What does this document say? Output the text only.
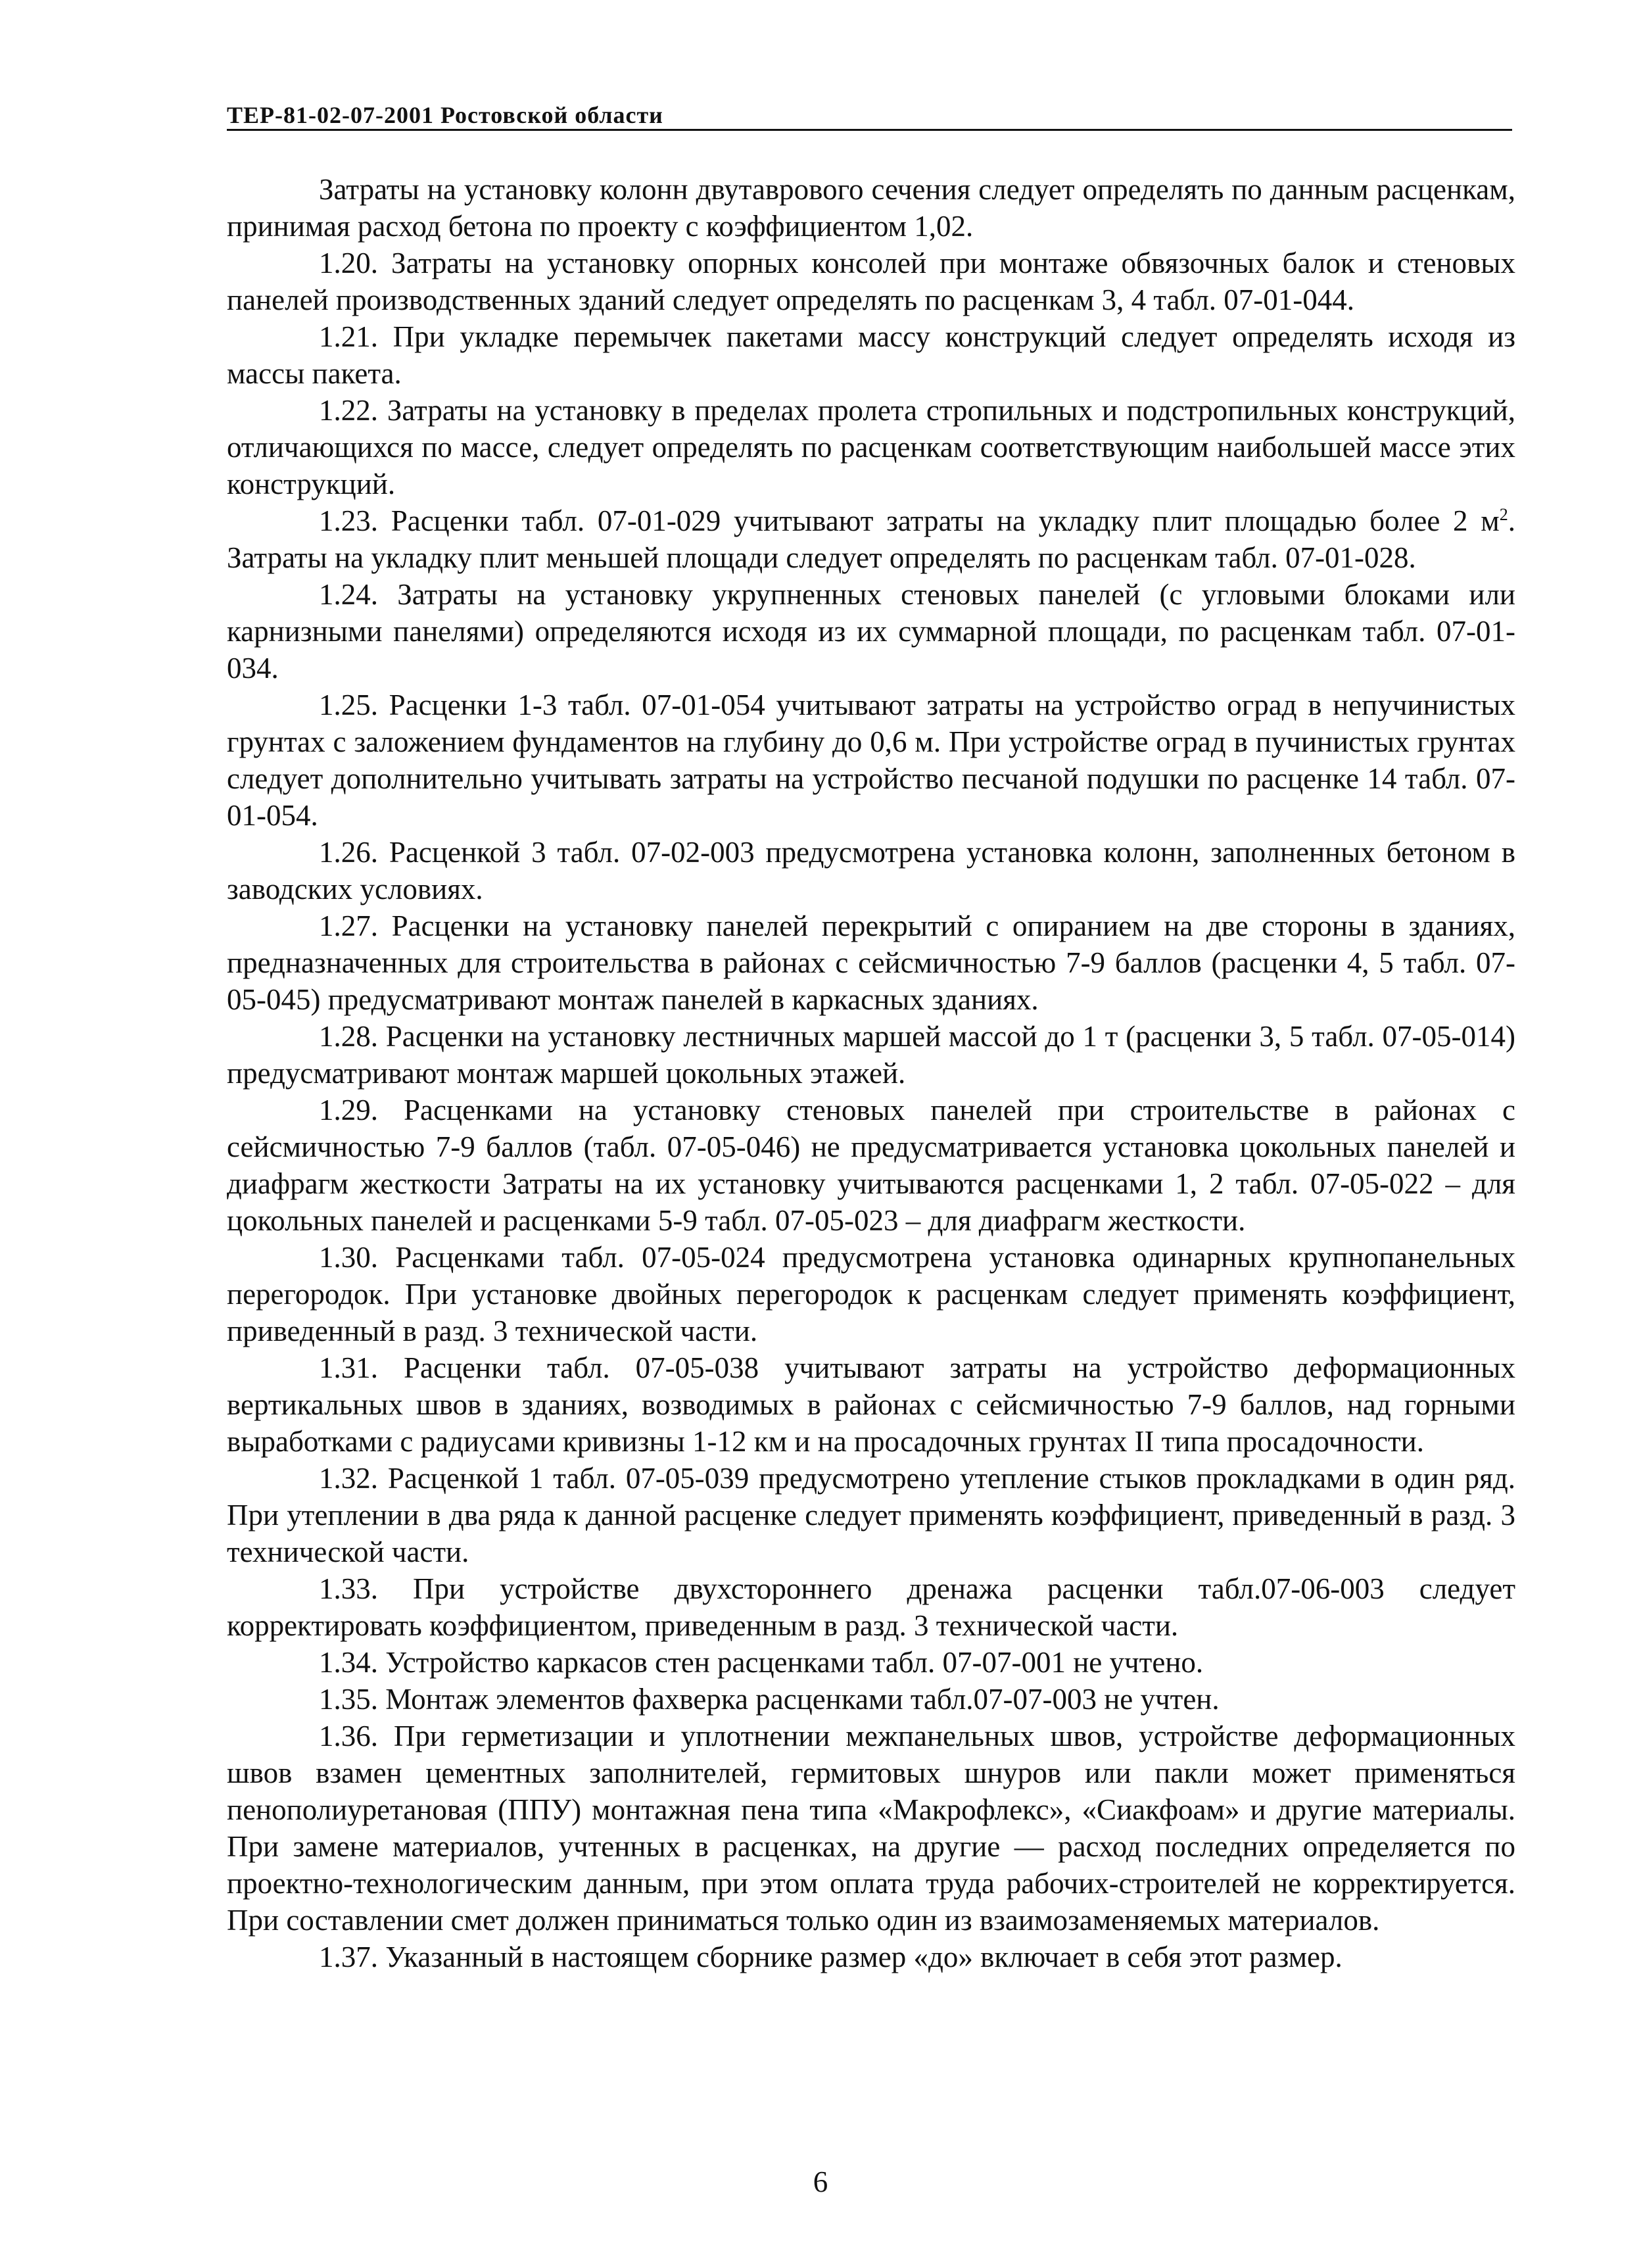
ТЕР-81-02-07-2001 Ростовской области

Затраты на установку колонн двутаврового сечения следует определять по данным расценкам, принимая расход бетона по проекту с коэффициентом 1,02.

1.20. Затраты на установку опорных консолей при монтаже обвязочных балок и стеновых панелей производственных зданий следует определять по расценкам 3, 4 табл. 07-01-044.

1.21. При укладке перемычек пакетами массу конструкций следует определять исходя из массы пакета.

1.22. Затраты на установку в пределах пролета стропильных и подстропильных конструкций, отличающихся по массе, следует определять по расценкам соответствующим наибольшей массе этих конструкций.

1.23. Расценки табл. 07-01-029 учитывают затраты на укладку плит площадью более 2 $м^2$. Затраты на укладку плит меньшей площади следует определять по расценкам табл. 07-01-028.

1.24. Затраты на установку укрупненных стеновых панелей (с угловыми блоками или карнизными панелями) определяются исходя из их суммарной площади, по расценкам табл. 07-01-034.

1.25. Расценки 1-3 табл. 07-01-054 учитывают затраты на устройство оград в непучинистых грунтах с заложением фундаментов на глубину до 0,6 м. При устройстве оград в пучинистых грунтах следует дополнительно учитывать затраты на устройство песчаной подушки по расценке 14 табл. 07-01-054.

1.26. Расценкой 3 табл. 07-02-003 предусмотрена установка колонн, заполненных бетоном в заводских условиях.

1.27. Расценки на установку панелей перекрытий с опиранием на две стороны в зданиях, предназначенных для строительства в районах с сейсмичностью 7-9 баллов (расценки 4, 5 табл. 07-05-045) предусматривают монтаж панелей в каркасных зданиях.

1.28. Расценки на установку лестничных маршей массой до 1 т (расценки 3, 5 табл. 07-05-014) предусматривают монтаж маршей цокольных этажей.

1.29. Расценками на установку стеновых панелей при строительстве в районах с сейсмичностью 7-9 баллов (табл. 07-05-046) не предусматривается установка цокольных панелей и диафрагм жесткости Затраты на их установку учитываются расценками 1, 2 табл. 07-05-022 – для цокольных панелей и расценками 5-9 табл. 07-05-023 – для диафрагм жесткости.

1.30. Расценками табл. 07-05-024 предусмотрена установка одинарных крупнопанельных перегородок. При установке двойных перегородок к расценкам следует применять коэффициент, приведенный в разд. 3 технической части.

1.31. Расценки табл. 07-05-038 учитывают затраты на устройство деформационных вертикальных швов в зданиях, возводимых в районах с сейсмичностью 7-9 баллов, над горными выработками с радиусами кривизны 1-12 км и на просадочных грунтах II типа просадочности.

1.32. Расценкой 1 табл. 07-05-039 предусмотрено утепление стыков прокладками в один ряд. При утеплении в два ряда к данной расценке следует применять коэффициент, приведенный в разд. 3 технической части.

1.33. При устройстве двухстороннего дренажа расценки табл.07-06-003 следует корректировать коэффициентом, приведенным в разд. 3 технической части.

1.34. Устройство каркасов стен расценками табл. 07-07-001 не учтено.

1.35. Монтаж элементов фахверка расценками табл.07-07-003 не учтен.

1.36. При герметизации и уплотнении межпанельных швов, устройстве деформационных швов взамен цементных заполнителей, гермитовых шнуров или пакли может применяться пенополиуретановая (ППУ) монтажная пена типа «Макрофлекс», «Сиакфоам» и другие материалы. При замене материалов, учтенных в расценках, на другие — расход последних определяется по проектно-технологическим данным, при этом оплата труда рабочих-строителей не корректируется. При составлении смет должен приниматься только один из взаимозаменяемых материалов.

1.37. Указанный в настоящем сборнике размер «до» включает в себя этот размер.

6
